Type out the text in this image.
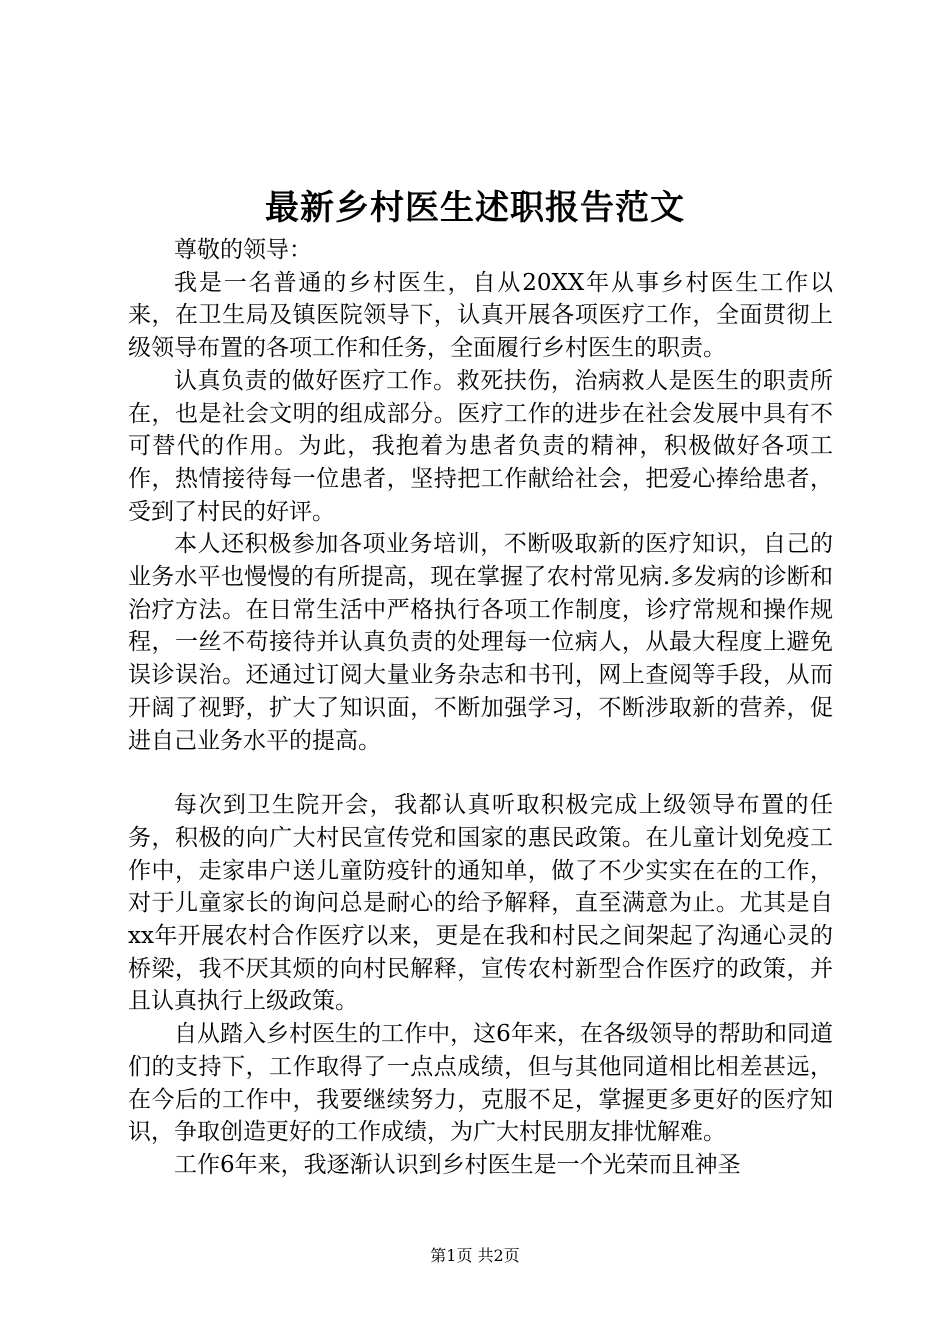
最新乡村医生述职报告范文

尊敬的领导：

我是一名普通的乡村医生，自从20XX年从事乡村医生工作以来，在卫生局及镇医院领导下，认真开展各项医疗工作，全面贯彻上级领导布置的各项工作和任务，全面履行乡村医生的职责。

认真负责的做好医疗工作。救死扶伤，治病救人是医生的职责所在，也是社会文明的组成部分。医疗工作的进步在社会发展中具有不可替代的作用。为此，我抱着为患者负责的精神，积极做好各项工作，热情接待每一位患者，坚持把工作献给社会，把爱心捧给患者，受到了村民的好评。

本人还积极参加各项业务培训，不断吸取新的医疗知识，自己的业务水平也慢慢的有所提高，现在掌握了农村常见病.多发病的诊断和治疗方法。在日常生活中严格执行各项工作制度，诊疗常规和操作规程，一丝不苟接待并认真负责的处理每一位病人，从最大程度上避免误诊误治。还通过订阅大量业务杂志和书刊，网上查阅等手段，从而开阔了视野，扩大了知识面，不断加强学习，不断涉取新的营养，促进自己业务水平的提高。

每次到卫生院开会，我都认真听取积极完成上级领导布置的任务，积极的向广大村民宣传党和国家的惠民政策。在儿童计划免疫工作中，走家串户送儿童防疫针的通知单，做了不少实实在在的工作，对于儿童家长的询问总是耐心的给予解释，直至满意为止。尤其是自xx年开展农村合作医疗以来，更是在我和村民之间架起了沟通心灵的桥梁，我不厌其烦的向村民解释，宣传农村新型合作医疗的政策，并且认真执行上级政策。

自从踏入乡村医生的工作中，这6年来，在各级领导的帮助和同道们的支持下，工作取得了一点点成绩，但与其他同道相比相差甚远，在今后的工作中，我要继续努力，克服不足，掌握更多更好的医疗知识，争取创造更好的工作成绩，为广大村民朋友排忧解难。

工作6年来，我逐渐认识到乡村医生是一个光荣而且神圣

第1页 共2页
